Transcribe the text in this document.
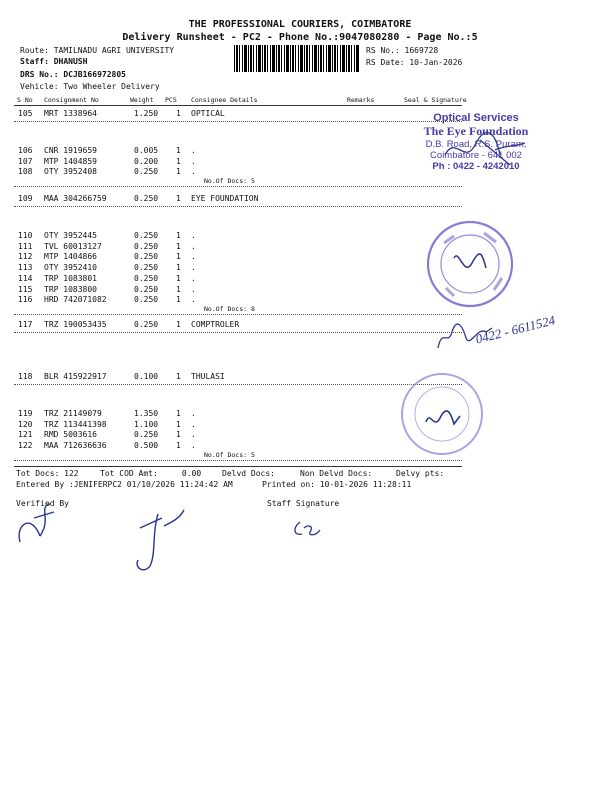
THE PROFESSIONAL COURIERS, COIMBATORE
Delivery Runsheet - PC2 - Phone No.:9047080280 - Page No.:5
Route: TAMILNADU AGRI UNIVERSITY
Staff: DHANUSH
DRS No.: DCJB166972805
Vehicle: Two Wheeler Delivery
RS No.: 1669728
RS Date: 10-Jan-2026
S No Consignment No	Weight PCS Consignee Details	Remarks	Seal & Signature
105 MRT 1338964	1.250 1 OPTICAL
106 CNR 1919659	0.005 1 .
107 MTP 1404859	0.200 1 .
108 OTY 3952408	0.250 1 .
No.Of Docs: 5
109 MAA 304266759	0.250 1 EYE FOUNDATION
110 OTY 3952445	0.250 1 .
111 TVL 60013127	0.250 1 .
112 MTP 1404866	0.250 1 .
113 OTY 3952410	0.250 1 .
114 TRP 1083801	0.250 1 .
115 TRP 1083800	0.250 1 .
116 HRD 742071082	0.250 1 .
No.Of Docs: 8
117 TRZ 190053435	0.250 1 COMPTROLER
118 BLR 415922917	0.100 1 THULASI
119 TRZ 21149079	1.350 1 .
120 TRZ 113441398	1.100 1 .
121 RMD 5003616	0.250 1 .
122 MAA 712636636	0.500 1 .
No.Of Docs: 5
Optical Services
The Eye Foundation
D.B. Road, R.S. Puram,
Coimbatore - 641 002
Ph : 0422 - 4242010
0422 - 6611524
Tot Docs: 122	Tot COD Amt:     0.00	Delvd Docs:	Non Delvd Docs:	Delvy pts:
Entered By :JENIFERPC2 01/10/2026 11:24:42 AM	Printed on: 10-01-2026 11:28:11
Verified By	Staff Signature
